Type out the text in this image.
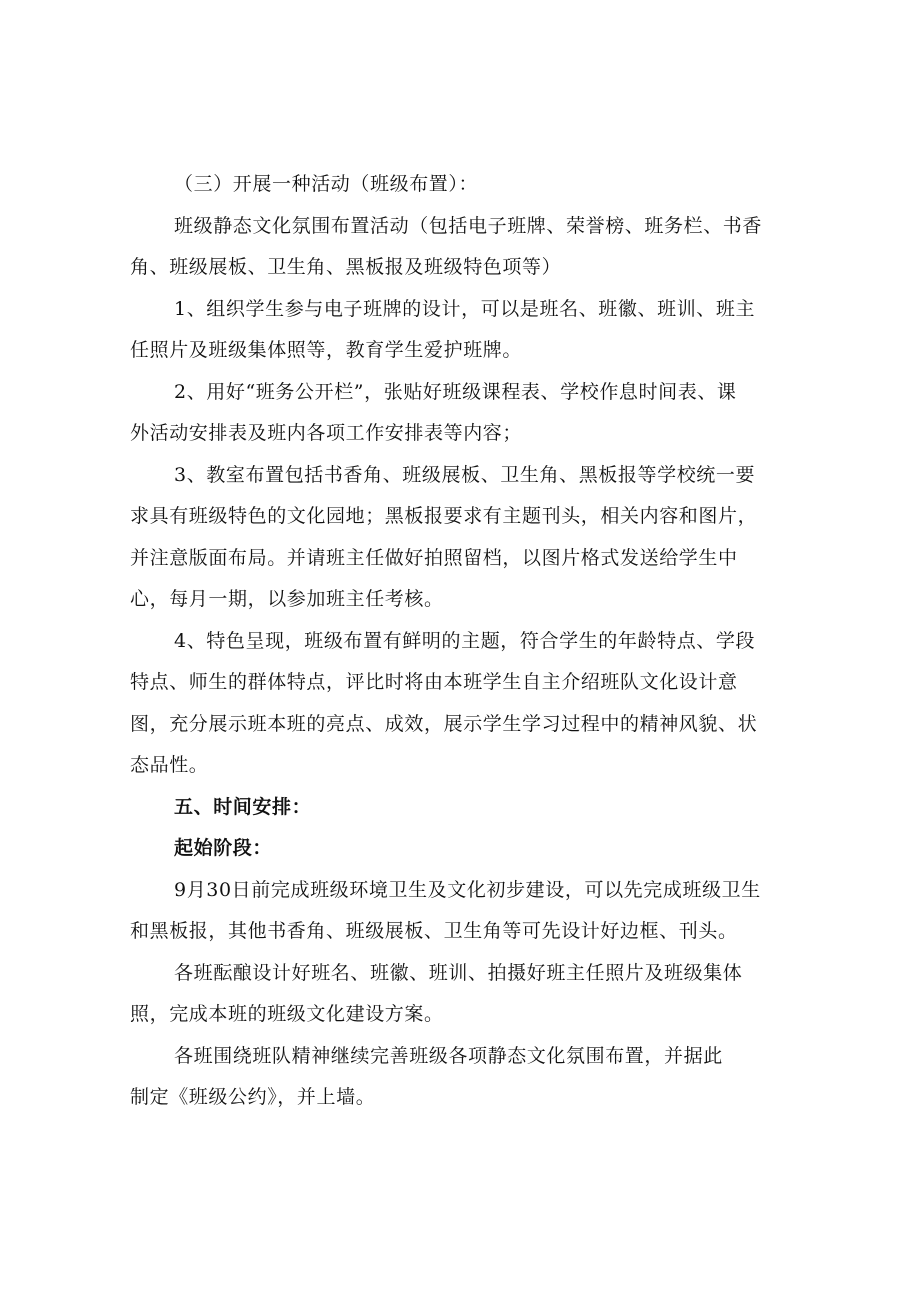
（三）开展一种活动（班级布置）：
班级静态文化氛围布置活动（包括电子班牌、荣誉榜、班务栏、书香
角、班级展板、卫生角、黑板报及班级特色项等）
1、组织学生参与电子班牌的设计，可以是班名、班徽、班训、班主
任照片及班级集体照等，教育学生爱护班牌。
2、用好“班务公开栏”，张贴好班级课程表、学校作息时间表、课
外活动安排表及班内各项工作安排表等内容；
3、教室布置包括书香角、班级展板、卫生角、黑板报等学校统一要
求具有班级特色的文化园地；黑板报要求有主题刊头，相关内容和图片，
并注意版面布局。并请班主任做好拍照留档，以图片格式发送给学生中
心，每月一期，以参加班主任考核。
4、特色呈现，班级布置有鲜明的主题，符合学生的年龄特点、学段
特点、师生的群体特点，评比时将由本班学生自主介绍班队文化设计意
图，充分展示班本班的亮点、成效，展示学生学习过程中的精神风貌、状
态品性。
五、时间安排：
起始阶段：
9月30日前完成班级环境卫生及文化初步建设，可以先完成班级卫生
和黑板报，其他书香角、班级展板、卫生角等可先设计好边框、刊头。
各班酝酿设计好班名、班徽、班训、拍摄好班主任照片及班级集体
照，完成本班的班级文化建设方案。
各班围绕班队精神继续完善班级各项静态文化氛围布置，并据此
制定《班级公约》，并上墙。
